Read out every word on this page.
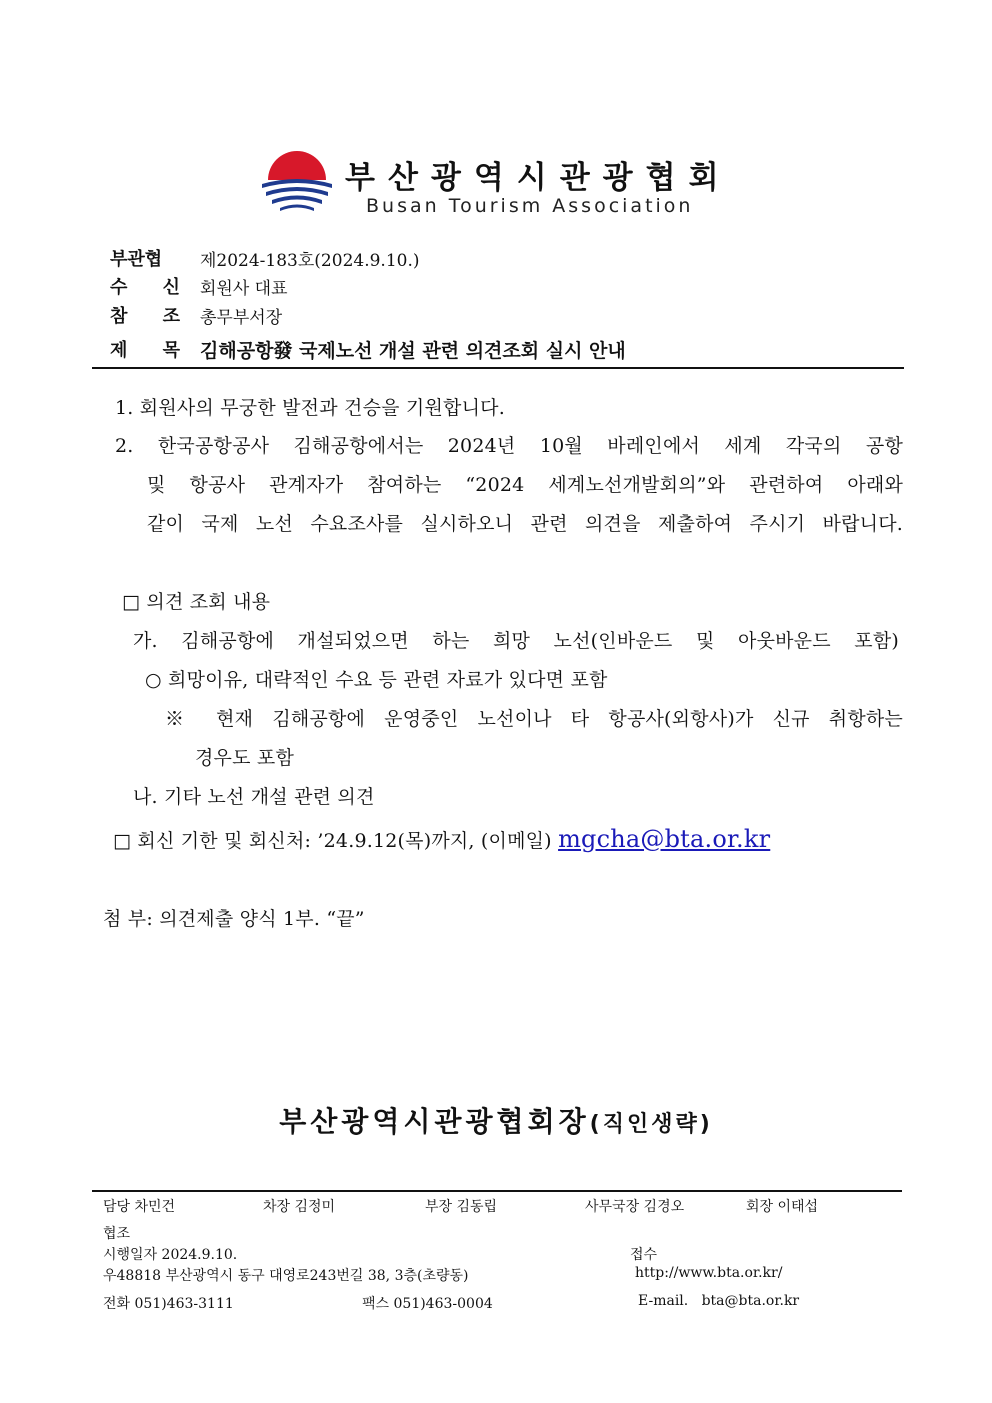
부산광역시관광협회
Busan Tourism Association
부관협	제2024-183호(2024.9.10.)
수 신 회원사 대표
참 조 총무부서장
제 목 김해공항發 국제노선 개설 관련 의견조회 실시 안내
1. 회원사의 무궁한 발전과 건승을 기원합니다.
2. 한국공항공사 김해공항에서는 2024년 10월 바레인에서 세계 각국의 공항
및 항공사 관계자가 참여하는 “2024 세계노선개발회의”와 관련하여 아래와
같이 국제 노선 수요조사를 실시하오니 관련 의견을 제출하여 주시기 바랍니다.
□ 의견 조회 내용
가. 김해공항에 개설되었으면 하는 희망 노선(인바운드 및 아웃바운드 포함)
○ 희망이유, 대략적인 수요 등 관련 자료가 있다면 포함
※ 현재 김해공항에 운영중인 노선이나 타 항공사(외항사)가 신규 취항하는
경우도 포함
나. 기타 노선 개설 관련 의견
□ 회신 기한 및 회신처: ’24.9.12(목)까지, (이메일) mgcha@bta.or.kr
첨 부: 의견제출 양식 1부. “끝”
부산광역시관광협회장(직인생략)
담당 차민건	차장 김정미	부장 김동립	사무국장 김경오	회장 이태섭
협조
시행일자 2024.9.10.	접수
우48818 부산광역시 동구 대영로243번길 38, 3층(초량동)	http://www.bta.or.kr/
전화 051)463-3111	팩스 051)463-0004	E-mail.   bta@bta.or.kr
